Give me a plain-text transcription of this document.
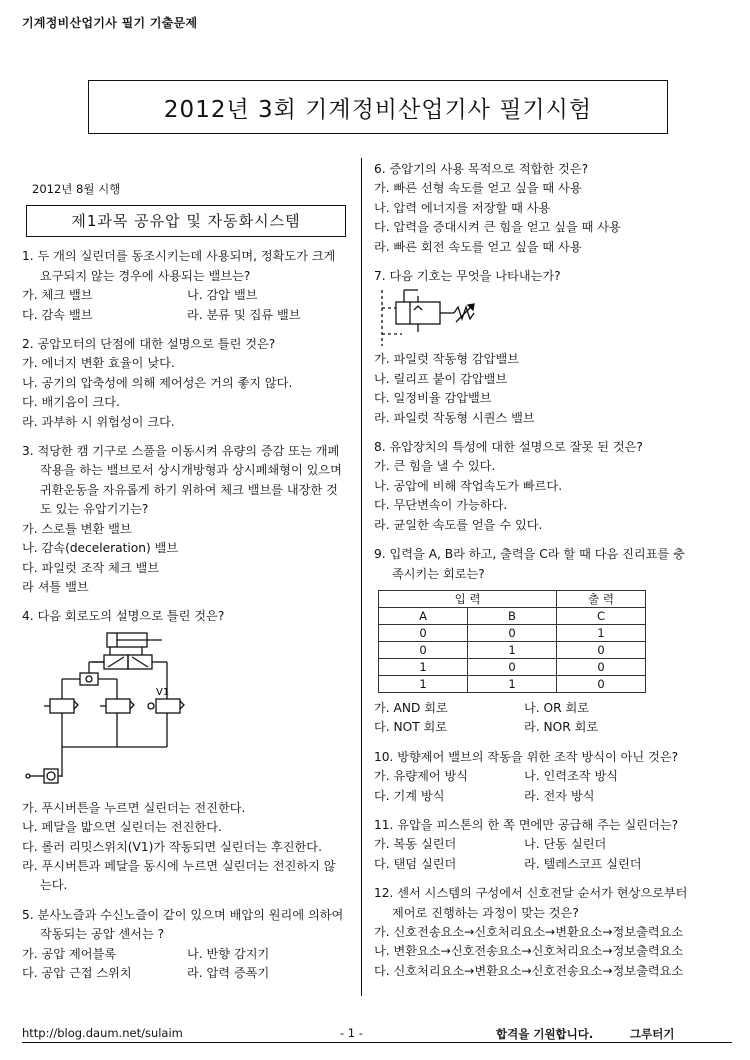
기계정비산업기사 필기 기출문제
2012년 3회 기계정비산업기사 필기시험
2012년 8월 시행
제1과목 공유압 및 자동화시스템
1. 두 개의 실린더를 동조시키는데 사용되며, 정확도가 크게
요구되지 않는 경우에 사용되는 밸브는?
가. 체크 밸브	나. 감압 밸브
다. 감속 밸브	라. 분류 및 집류 밸브
2. 공압모터의 단점에 대한 설명으로 틀린 것은?
가. 에너지 변환 효율이 낮다.
나. 공기의 압축성에 의해 제어성은 거의 좋지 않다.
다. 배기음이 크다.
라. 과부하 시 위험성이 크다.
3. 적당한 캠 기구로 스풀을 이동시켜 유량의 증감 또는 개폐
작용을 하는 밸브로서 상시개방형과 상시폐쇄형이 있으며
귀환운동을 자유롭게 하기 위하여 체크 밸브를 내장한 것
도 있는 유압기기는?
가. 스로틀 변환 밸브
나. 감속(deceleration) 밸브
다. 파일럿 조작 체크 밸브
라 셔틀 밸브
4. 다음 회로도의 설명으로 틀린 것은?
V1
가. 푸시버튼을 누르면 실린더는 전진한다.
나. 페달을 밟으면 실린더는 전진한다.
다. 롤러 리밋스위치(V1)가 작동되면 실린더는 후진한다.
라. 푸시버튼과 페달을 동시에 누르면 실린더는 전진하지 않
는다.
5. 분사노즐과 수신노즐이 같이 있으며 배압의 원리에 의하여
작동되는 공압 센서는 ?
가. 공압 제어블록	나. 반향 감지기
다. 공압 근접 스위치	라. 압력 증폭기
6. 증압기의 사용 목적으로 적합한 것은?
가. 빠른 선형 속도를 얻고 싶을 때 사용
나. 압력 에너지를 저장할 때 사용
다. 압력을 증대시켜 큰 힘을 얻고 싶을 때 사용
라. 빠른 회전 속도를 얻고 싶을 때 사용
7. 다음 기호는 무엇을 나타내는가?
가. 파일럿 작동형 감압밸브
나. 릴리프 붙이 감압밸브
다. 일정비율 감압밸브
라. 파일럿 작동형 시퀀스 밸브
8. 유압장치의 특성에 대한 설명으로 잘못 된 것은?
가. 큰 힘을 낼 수 있다.
나. 공압에 비해 작업속도가 빠르다.
다. 무단변속이 가능하다.
라. 균일한 속도를 얻을 수 있다.
9. 입력을 A, B라 하고, 출력을 C라 할 때 다음 진리표를 충
족시키는 회로는?
입 력		출 력
A	B	C
0	0	1
0	1	0
1	0	0
1	1	0
가. AND 회로	나. OR 회로
다. NOT 회로	라. NOR 회로
10. 방향제어 밸브의 작동을 위한 조작 방식이 아닌 것은?
가. 유량제어 방식	나. 인력조작 방식
다. 기계 방식	라. 전자 방식
11. 유압을 피스톤의 한 쪽 면에만 공급해 주는 실린더는?
가. 복동 실린더	나. 단동 실린더
다. 탠덤 실린더	라. 텔레스코프 실린더
12. 센서 시스템의 구성에서 신호전달 순서가 현상으로부터
제어로 진행하는 과정이 맞는 것은?
가. 신호전송요소→신호처리요소→변환요소→정보출력요소
나. 변환요소→신호전송요소→신호처리요소→정보출력요소
다. 신호처리요소→변환요소→신호전송요소→정보출력요소
http://blog.daum.net/sulaim	- 1 -	합격을 기원합니다.	그루터기
